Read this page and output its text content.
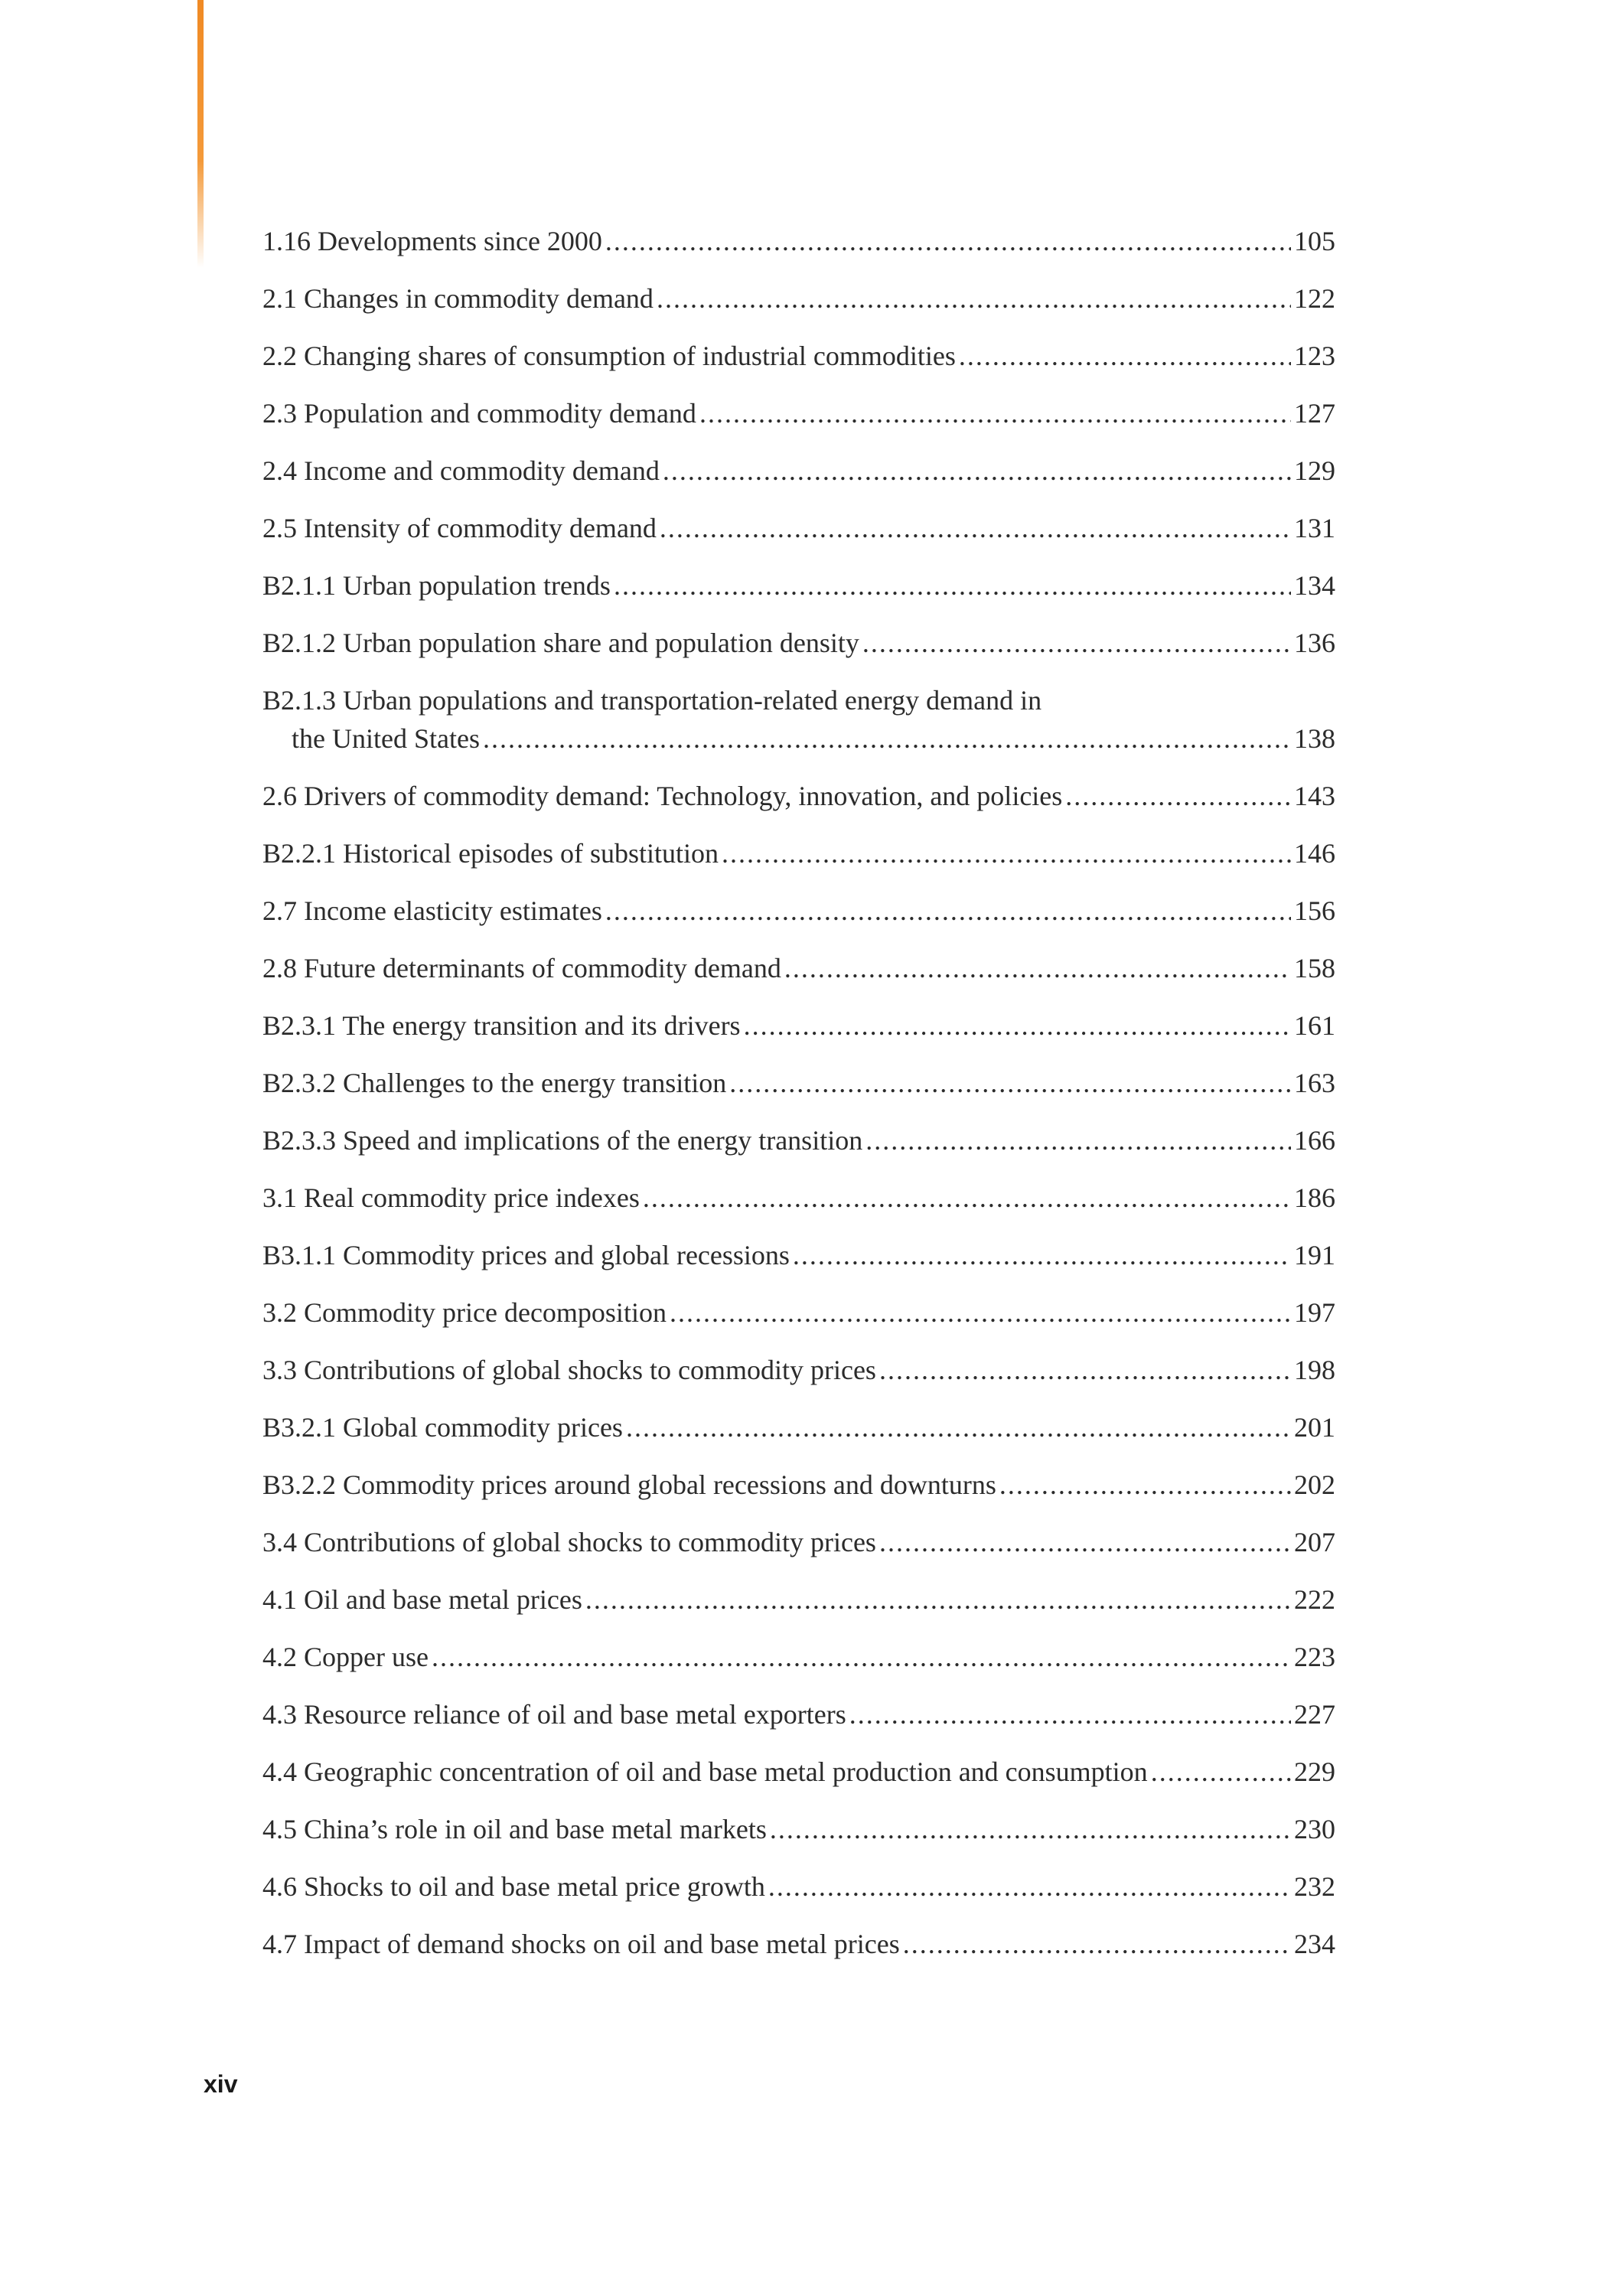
1.16 Developments since 2000 .....	105
2.1 Changes in commodity demand .....	122
2.2 Changing shares of consumption of industrial commodities .....	123
2.3 Population and commodity demand .....	127
2.4 Income and commodity demand .....	129
2.5 Intensity of commodity demand .....	131
B2.1.1 Urban population trends .....	134
B2.1.2 Urban population share and population density .....	136
B2.1.3 Urban populations and transportation-related energy demand in
the United States .....	138
2.6 Drivers of commodity demand: Technology, innovation, and policies .....	143
B2.2.1 Historical episodes of substitution .....	146
2.7 Income elasticity estimates .....	156
2.8 Future determinants of commodity demand .....	158
B2.3.1 The energy transition and its drivers .....	161
B2.3.2 Challenges to the energy transition .....	163
B2.3.3 Speed and implications of the energy transition .....	166
3.1 Real commodity price indexes .....	186
B3.1.1 Commodity prices and global recessions .....	191
3.2 Commodity price decomposition .....	197
3.3 Contributions of global shocks to commodity prices .....	198
B3.2.1 Global commodity prices .....	201
B3.2.2 Commodity prices around global recessions and downturns .....	202
3.4 Contributions of global shocks to commodity prices .....	207
4.1 Oil and base metal prices .....	222
4.2 Copper use .....	223
4.3 Resource reliance of oil and base metal exporters .....	227
4.4 Geographic concentration of oil and base metal production and consumption .....	229
4.5 China’s role in oil and base metal markets .....	230
4.6 Shocks to oil and base metal price growth .....	232
4.7 Impact of demand shocks on oil and base metal prices .....	234
xiv
